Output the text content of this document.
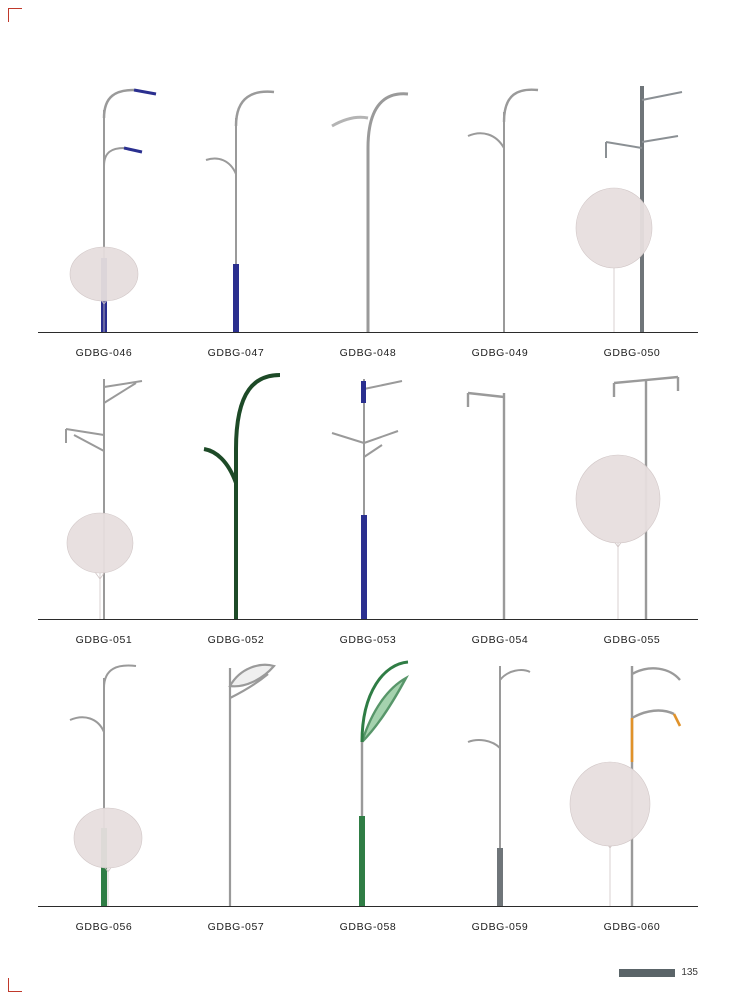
GDBG-046	GDBG-047	GDBG-048	GDBG-049	GDBG-050
GDBG-051	GDBG-052	GDBG-053	GDBG-054	GDBG-055
GDBG-056	GDBG-057	GDBG-058	GDBG-059	GDBG-060
135
